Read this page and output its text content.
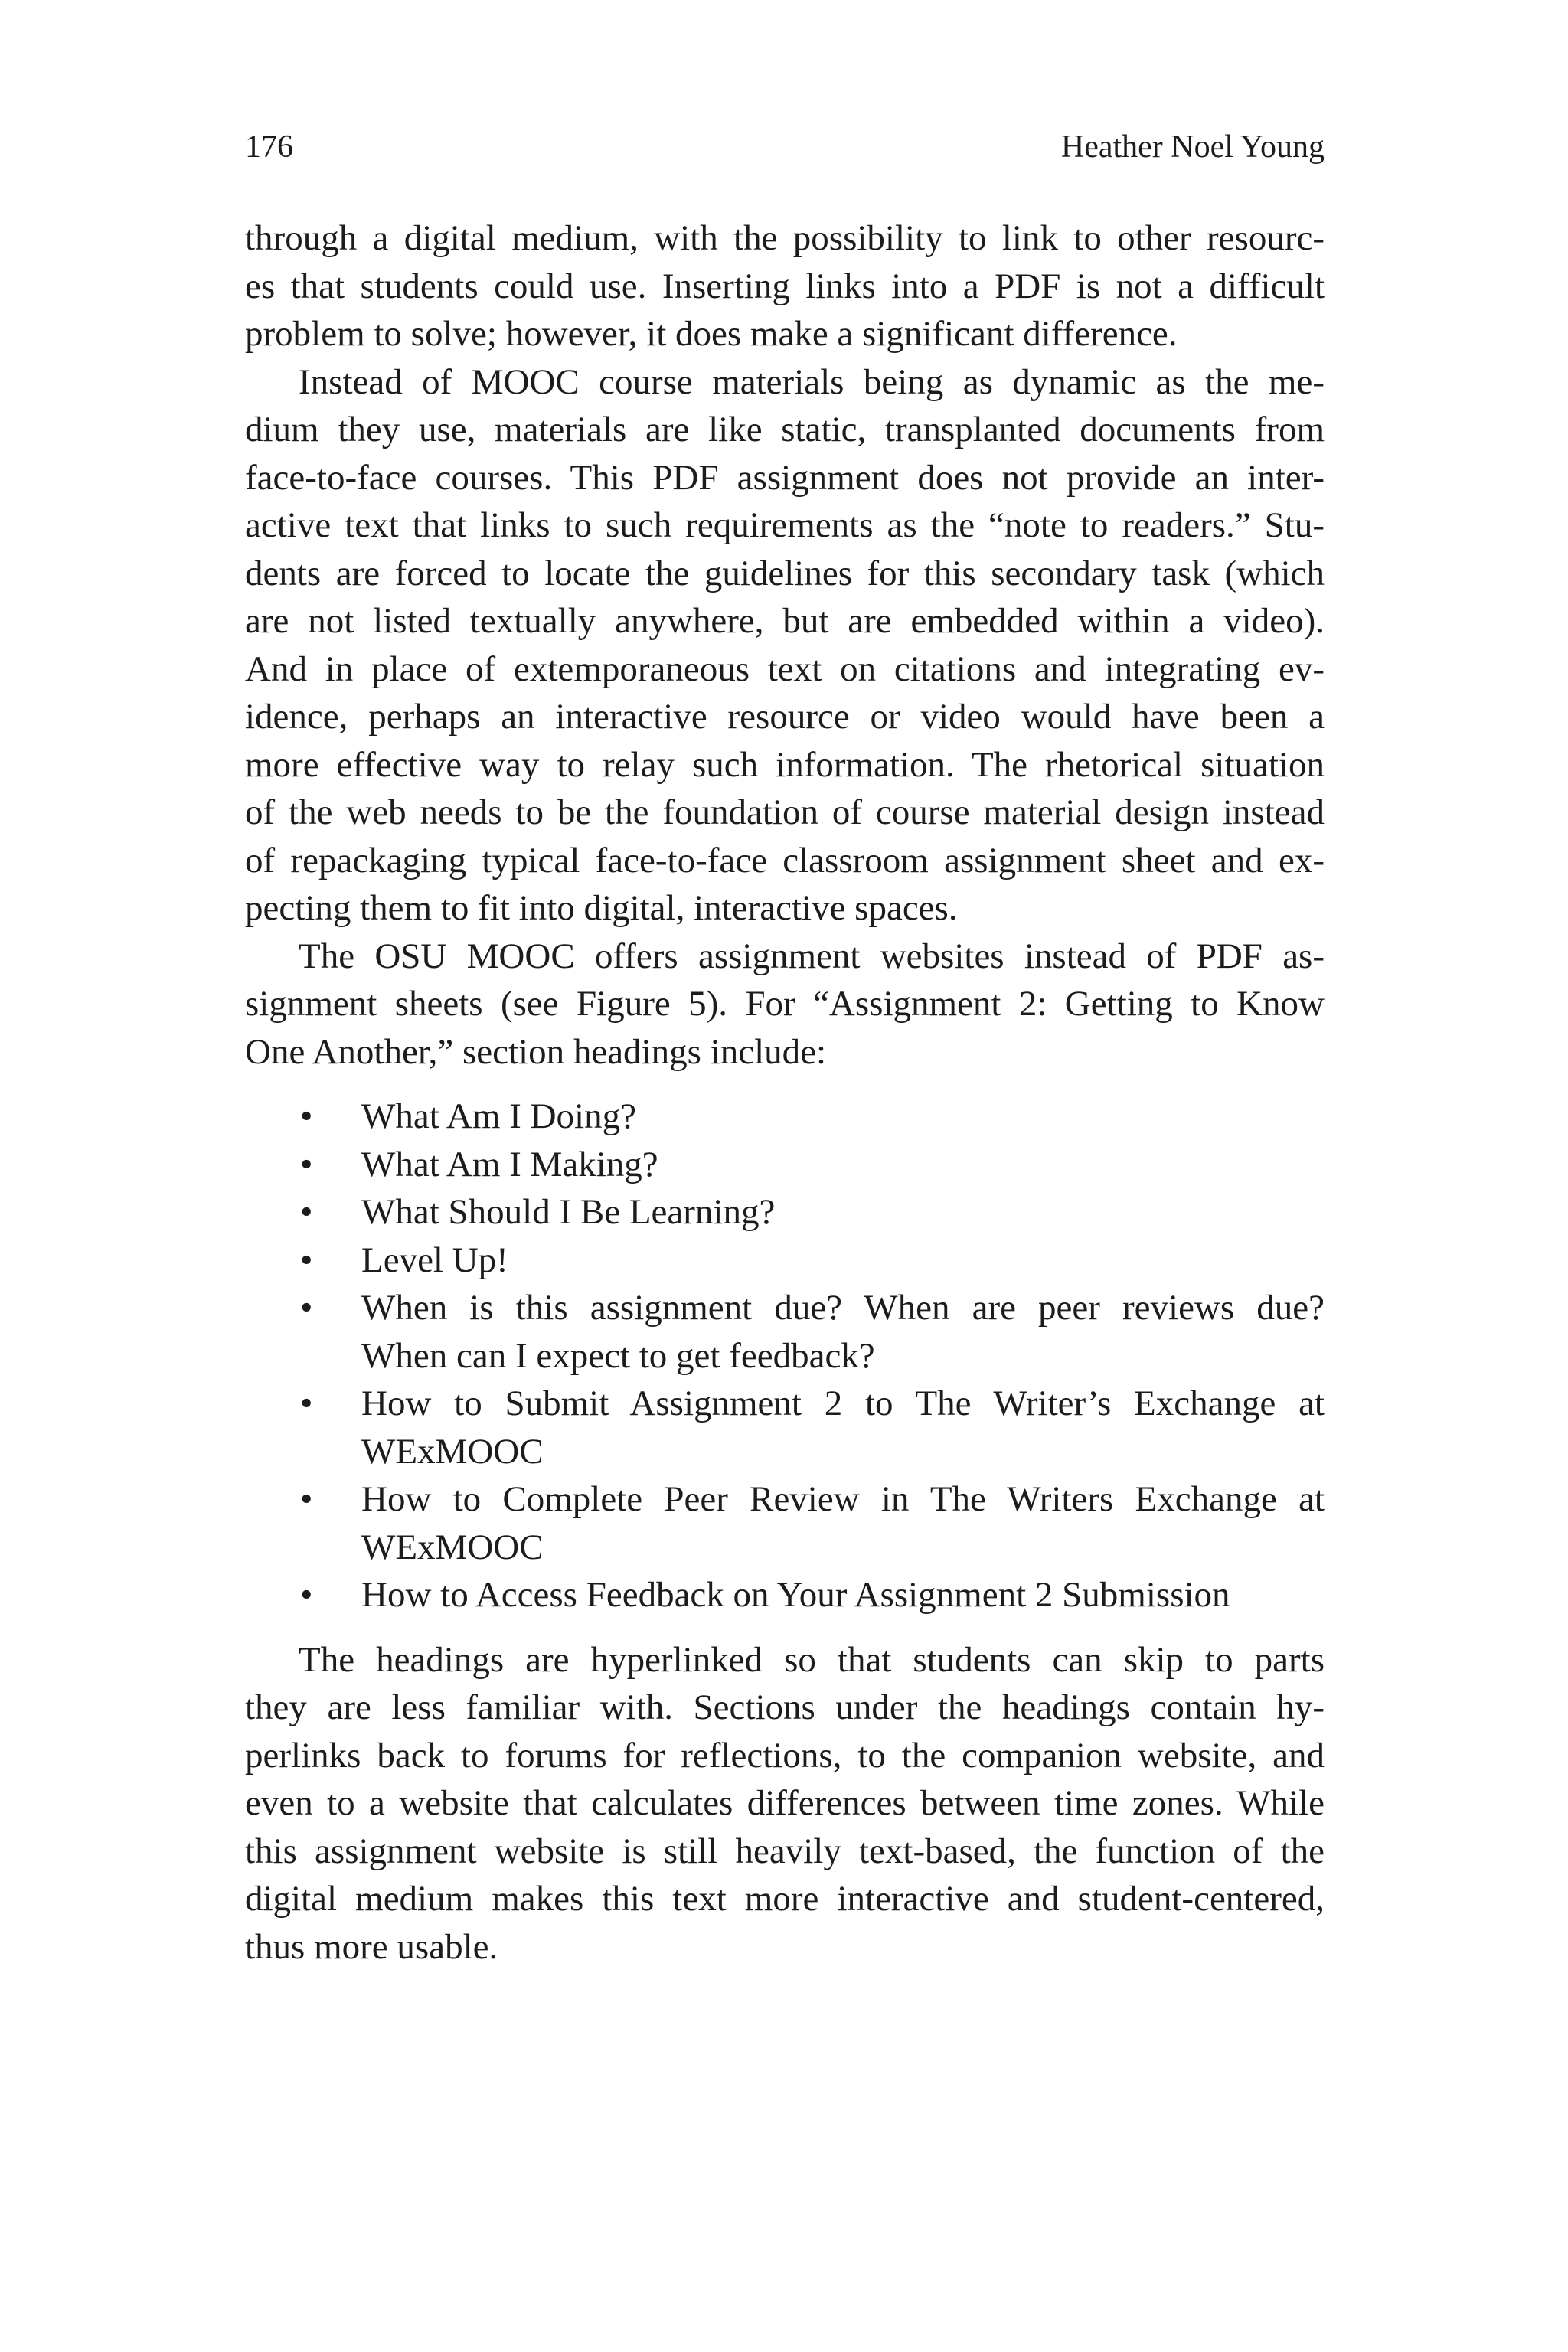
176	Heather Noel Young

through a digital medium, with the possibility to link to other resourc-
es that students could use. Inserting links into a PDF is not a difficult
problem to solve; however, it does make a significant difference.

Instead of MOOC course materials being as dynamic as the me-
dium they use, materials are like static, transplanted documents from
face-to-face courses. This PDF assignment does not provide an inter-
active text that links to such requirements as the “note to readers.” Stu-
dents are forced to locate the guidelines for this secondary task (which
are not listed textually anywhere, but are embedded within a video).
And in place of extemporaneous text on citations and integrating ev-
idence, perhaps an interactive resource or video would have been a
more effective way to relay such information. The rhetorical situation
of the web needs to be the foundation of course material design instead
of repackaging typical face-to-face classroom assignment sheet and ex-
pecting them to fit into digital, interactive spaces.

The OSU MOOC offers assignment websites instead of PDF as-
signment sheets (see Figure 5). For “Assignment 2: Getting to Know
One Another,” section headings include:

• What Am I Doing?
• What Am I Making?
• What Should I Be Learning?
• Level Up!
• When is this assignment due? When are peer reviews due?
When can I expect to get feedback?
• How to Submit Assignment 2 to The Writer’s Exchange at
WExMOOC
• How to Complete Peer Review in The Writers Exchange at
WExMOOC
• How to Access Feedback on Your Assignment 2 Submission

The headings are hyperlinked so that students can skip to parts
they are less familiar with. Sections under the headings contain hy-
perlinks back to forums for reflections, to the companion website, and
even to a website that calculates differences between time zones. While
this assignment website is still heavily text-based, the function of the
digital medium makes this text more interactive and student-centered,
thus more usable.
